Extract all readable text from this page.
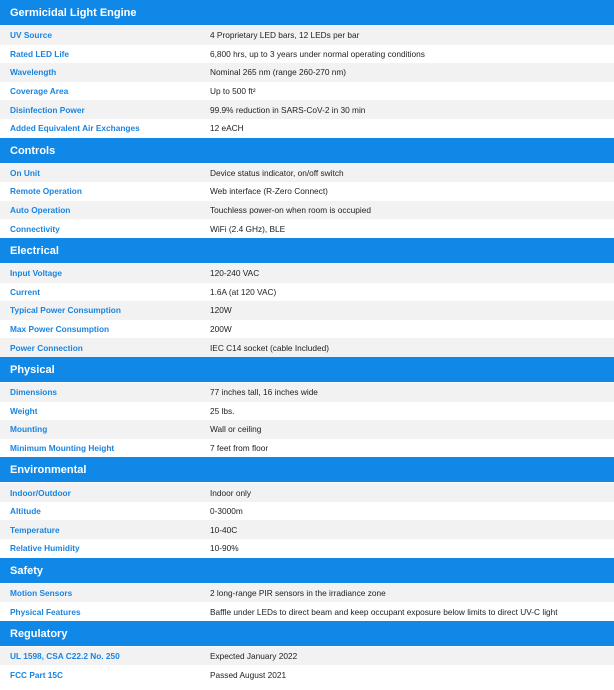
Germicidal Light Engine
UV Source	4 Proprietary LED bars, 12 LEDs per bar
Rated LED Life	6,800 hrs, up to 3 years under normal operating conditions
Wavelength	Nominal 265 nm (range 260-270 nm)
Coverage Area	Up to 500 ft²
Disinfection Power	99.9% reduction in SARS-CoV-2 in 30 min
Added Equivalent Air Exchanges	12 eACH
Controls
On Unit	Device status indicator, on/off switch
Remote Operation	Web interface (R-Zero Connect)
Auto Operation	Touchless power-on when room is occupied
Connectivity	WiFi (2.4 GHz), BLE
Electrical
Input Voltage	120-240 VAC
Current	1.6A (at 120 VAC)
Typical Power Consumption	120W
Max Power Consumption	200W
Power Connection	IEC C14 socket (cable Included)
Physical
Dimensions	77 inches tall, 16 inches wide
Weight	25 lbs.
Mounting	Wall or ceiling
Minimum Mounting Height	7 feet from floor
Environmental
Indoor/Outdoor	Indoor only
Altitude	0-3000m
Temperature	10-40C
Relative Humidity	10-90%
Safety
Motion Sensors	2 long-range PIR sensors in the irradiance zone
Physical Features	Baffle under LEDs to direct beam and keep occupant exposure below limits to direct UV-C light
Regulatory
UL 1598, CSA C22.2 No. 250	Expected January 2022
FCC Part 15C	Passed August 2021
